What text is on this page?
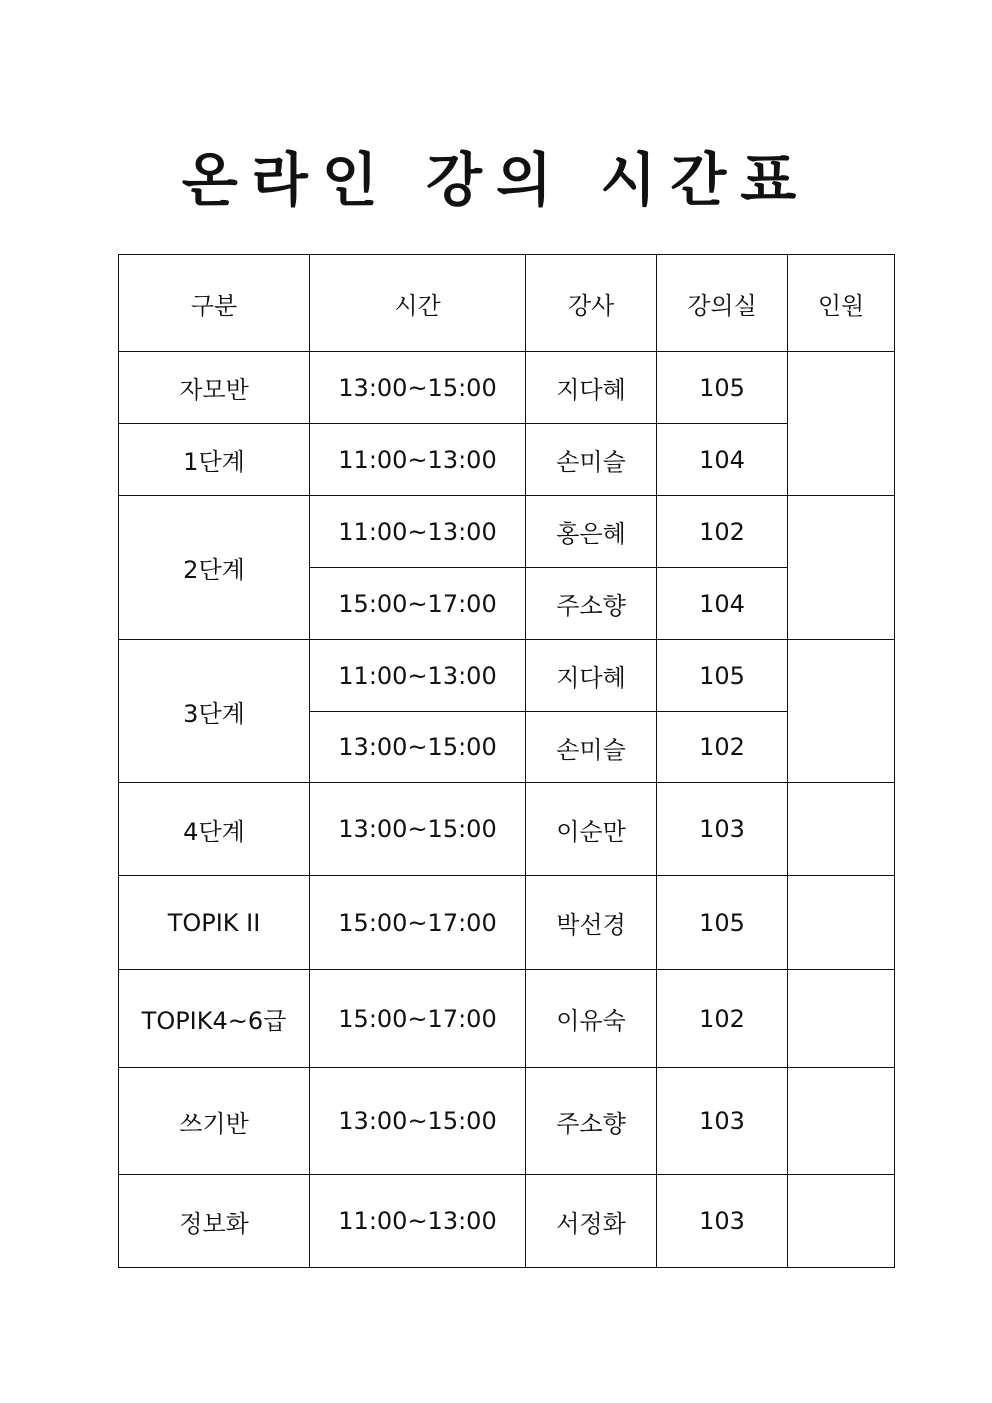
온라인 강의 시간표
구분	시간	강사	강의실	인원
자모반	13:00~15:00	지다혜	105	
1단계	11:00~13:00	손미슬	104	
2단계	11:00~13:00	홍은혜	102	
	15:00~17:00	주소향	104	
3단계	11:00~13:00	지다혜	105	
	13:00~15:00	손미슬	102	
4단계	13:00~15:00	이순만	103	
TOPIK II	15:00~17:00	박선경	105	
TOPIK4~6급	15:00~17:00	이유숙	102	
쓰기반	13:00~15:00	주소향	103	
정보화	11:00~13:00	서정화	103	
